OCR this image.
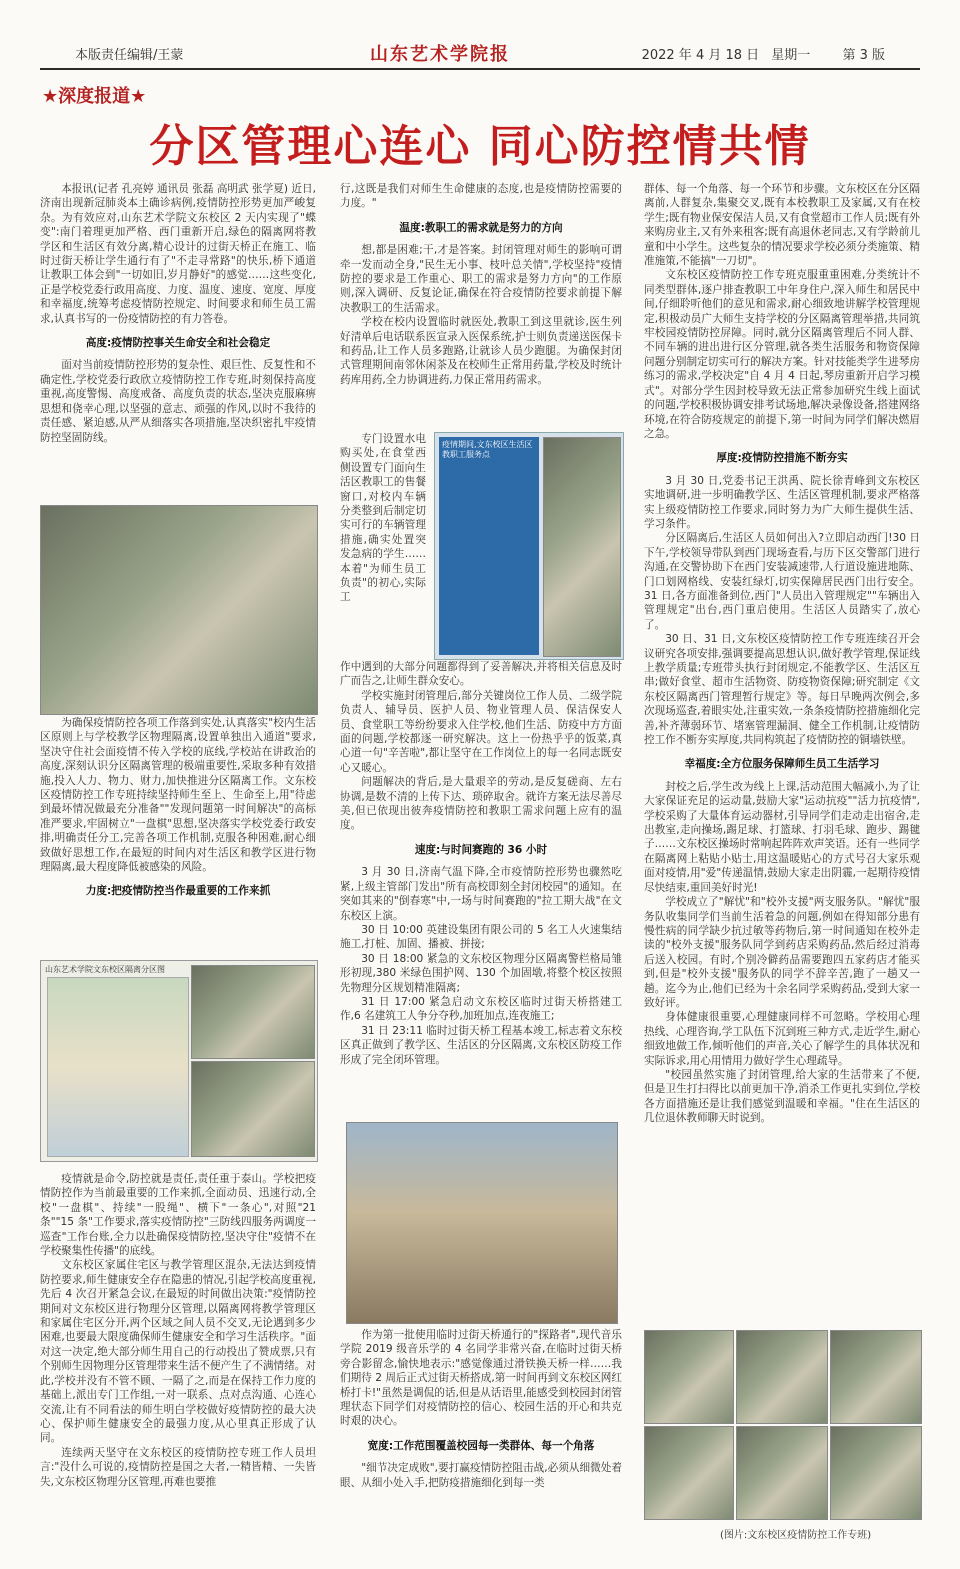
本版责任编辑/王蒙	山东艺术学院报	2022 年 4 月 18 日 星期一 第 3 版
★深度报道★
分区管理心连心 同心防控情共情

本报讯(记者 孔亮婷 通讯员 张磊 高明武 张学夏) 近日,济南出现新冠肺炎本土确诊病例,疫情防控形势更加严峻复杂。为有效应对,山东艺术学院文东校区 2 天内实现了"蝶变":南门着理更加严格、西门重新开启,绿色的隔离网将教学区和生活区有效分离,精心设计的过街天桥正在施工、临时过街天桥让学生通行有了"不走寻常路"的快乐,桥下通道让教职工体会到"一切如旧,岁月静好"的感觉……这些变化,正是学校党委行政用高度、力度、温度、速度、宽度、厚度和幸福度,统筹考虑疫情防控规定、时间要求和师生员工需求,认真书写的一份疫情防控的有力答卷。

高度:疫情防控事关生命安全和社会稳定

面对当前疫情防控形势的复杂性、艰巨性、反复性和不确定性,学校党委行政欣立疫情防控工作专班,时刻保持高度重视,高度警惕、高度戒备、高度负责的状态,坚决克服麻痹思想和侥幸心理,以坚强的意志、顽强的作风,以时不我待的责任感、紧迫感,从严从细落实各项措施,坚决织密扎牢疫情防控坚固防线。

为确保疫情防控各项工作落到实处,认真落实"校内生活区原则上与学校教学区物理隔离,设置单独出入通道"要求,坚决守住社会面疫情不传入学校的底线,学校站在讲政治的高度,深刻认识分区隔离管理的极端重要性,采取多种有效措施,投入人力、物力、财力,加快推进分区隔离工作。文东校区疫情防控工作专班持续坚持师生至上、生命至上,用"待虑到最坏情况做最充分准备""发现问题第一时间解决"的高标准严要求,牢固树立"一盘棋"思想,坚决落实学校党委行政安排,明确责任分工,完善各项工作机制,克服各种困难,耐心细致做好思想工作,在最短的时间内对生活区和教学区进行物理隔离,最大程度降低被感染的风险。

力度:把疫情防控当作最重要的工作来抓
山东艺术学院文东校区隔离分区图

疫情就是命令,防控就是责任,责任重于泰山。学校把疫情防控作为当前最重要的工作来抓,全面动员、迅速行动,全校"一盘棋"、持续"一股绳"、横下"一条心",对照"21 条""15 条"工作要求,落实疫情防控"三防线四服务两调度一巡查"工作台账,全力以赴确保疫情防控,坚决守住"疫情不在学校聚集性传播"的底线。

文东校区家属住宅区与教学管理区混杂,无法达到疫情防控要求,师生健康安全存在隐患的情况,引起学校高度重视,先后 4 次召开紧急会议,在最短的时间做出决策:"疫情防控期间对文东校区进行物理分区管理,以隔离网将教学管理区和家属住宅区分开,两个区域之间人员不交叉,无论遇到多少困难,也要最大限度确保师生健康安全和学习生活秩序。"面对这一决定,绝大部分师生用自己的行动投出了赞成票,只有个别师生因物理分区管理带来生活不便产生了不满情绪。对此,学校并没有不管不顾、一隔了之,而是在保持工作力度的基础上,派出专门工作组,一对一联系、点对点沟通、心连心交流,让有不同看法的师生明白学校做好疫情防控的最大决心、保护师生健康安全的最强力度,从心里真正形成了认同。

连续两天坚守在文东校区的疫情防控专班工作人员坦言:"没什么可说的,疫情防控是国之大者,一精皆精、一失皆失,文东校区物理分区管理,再难也要推

行,这既是我们对师生生命健康的态度,也是疫情防控需要的力度。"

温度:教职工的需求就是努力的方向

想,都是困难;干,才是答案。封闭管理对师生的影响可谓牵一发而动全身,"民生无小事、枝叶总关情",学校坚持"疫情防控的要求是工作重心、职工的需求是努力方向"的工作原则,深入调研、反复论证,确保在符合疫情防控要求前提下解决教职工的生活需求。

学校在校内设置临时就医处,教职工到这里就诊,医生列好清单后电话联系医宣录入医保系统,护士则负责递送医保卡和药品,让工作人员多跑路,让就诊人员少跑腿。为确保封闭式管理期间南邻休闲茶及在校师生正常用药量,学校及时统计药库用药,全力协调进药,力保正常用药需求。

专门设置水电购买处,在食堂西侧设置专门面向生活区教职工的售餐窗口,对校内车辆分类整到后制定切实可行的车辆管理措施,确实处置突发急病的学生……本着"为师生员工负责"的初心,实际工

疫情期间,文东校区生活区教职工服务点

作中遇到的大部分问题都得到了妥善解决,并将相关信息及时广而告之,让师生群众安心。

学校实施封闭管理后,部分关键岗位工作人员、二级学院负责人、辅导员、医护人员、物业管理人员、保洁保安人员、食堂职工等纷纷要求入住学校,他们生活、防疫中方方面面的问题,学校都逐一研究解决。这上一份热乎乎的饭菜,真心道一句"辛苦啦",都让坚守在工作岗位上的每一名同志既安心又暖心。

问题解决的背后,是大量艰辛的劳动,是反复磋商、左右协调,是数不清的上传下达、琐碎取舍。就许方案无法尽善尽美,但已依现出彼奔疫情防控和教职工需求问题上应有的温度。

速度:与时间赛跑的 36 小时

3 月 30 日,济南气温下降,全市疫情防控形势也骤然吃紧,上级主管部门发出"所有高校即刻全封闭校园"的通知。在突如其来的"倒春寒"中,一场与时间赛跑的"拉工期大战"在文东校区上演。

30 日 10:00 英建设集团有限公司的 5 名工人火速集结施工,打桩、加固、播被、拼接;

30 日 18:00 紧急的文东校区物理分区隔离警栏格局雏形初现,380 米绿色围护网、130 个加固墩,将整个校区按照先物理分区规划精准隔离;

31 日 17:00 紧急启动文东校区临时过街天桥搭建工作,6 名建筑工人争分夺秒,加班加点,连夜施工;

31 日 23:11 临时过街天桥工程基本竣工,标志着文东校区真正做到了教学区、生活区的分区隔离,文东校区防疫工作形成了完全闭环管理。

作为第一批使用临时过街天桥通行的"探路者",现代音乐学院 2019 级音乐学的 4 名同学非常兴奋,在临时过街天桥旁合影留念,愉快地表示:"感觉像通过滑铁换天桥一样……我们期待 2 周后正式过街天桥搭成,第一时间再到文东校区网红桥打卡!"虽然是调侃的话,但是从话语里,能感受到校园封闭管理状态下同学们对疫情防控的信心、校园生活的开心和共克时艰的决心。

宽度:工作范围覆盖校园每一类群体、每一个角落

"细节决定成败",要打赢疫情防控阻击战,必须从细微处着眼、从细小处入手,把防疫措施细化到每一类

群体、每一个角落、每一个环节和步骤。文东校区在分区隔离前,人群复杂,集聚交叉,既有本校教职工及家属,又有在校学生;既有物业保安保洁人员,又有食堂超市工作人员;既有外来购房业主,又有外来租客;既有高退休老同志,又有学龄前儿童和中小学生。这些复杂的情况要求学校必须分类施策、精准施策,不能搞"一刀切"。

文东校区疫情防控工作专班克服重重困难,分类统计不同类型群体,逐户排查教职工中年身住户,深入师生和居民中间,仔细聆听他们的意见和需求,耐心细致地讲解学校管理规定,积极动员广大师生支持学校的分区隔离管理举措,共同筑牢校园疫情防控屏障。同时,就分区隔离管理后不同人群、不同车辆的进出进行区分管理,就各类生活服务和物资保障问题分别制定切实可行的解决方案。针对技能类学生进琴房练习的需求,学校决定"自 4 月 4 日起,琴房重新开启学习模式"。对部分学生因封校导致无法正常参加研究生线上面试的问题,学校积极协调安排考试场地,解决录像设备,搭建网络环境,在符合防疫规定的前提下,第一时间为同学们解决燃眉之急。

厚度:疫情防控措施不断夯实

3 月 30 日,党委书记王洪禹、院长徐青峰到文东校区实地调研,进一步明确教学区、生活区管理机制,要求严格落实上级疫情防控工作要求,同时努力为广大师生提供生活、学习条件。

分区隔离后,生活区人员如何出入?立即启动西门!30 日下午,学校领导带队到西门现场查看,与历下区交警部门进行沟通,在交警协助下在西门安装减速带,人行道设施进地陈、门口划网格线、安装红绿灯,切实保障居民西门出行安全。31 日,各方面准备到位,西门"人员出入管理规定""车辆出入管理规定"出台,西门重启使用。生活区人员踏实了,放心了。

30 日、31 日,文东校区疫情防控工作专班连续召开会议研究各项安排,强调要提高思想认识,做好教学管理,保证线上教学质量;专班带头执行封闭规定,不能教学区、生活区互串;做好食堂、超市生活物资、防疫物资保障;研究制定《文东校区隔离西门管理暂行规定》等。每日早晚两次例会,多次现场巡查,着眼实处,注重实效,一条条疫情防控措施细化完善,补齐薄弱环节、堵塞管理漏洞、健全工作机制,让疫情防控工作不断夯实厚度,共同构筑起了疫情防控的铜墙铁壁。

幸福度:全方位服务保障师生员工生活学习

封校之后,学生改为线上上课,活动范围大幅减小,为了让大家保证充足的运动量,鼓励大家"运动抗疫""活力抗疫情",学校采购了大量体育运动器材,引导同学们走动走出宿舍,走出教室,走向操场,踢足球、打篮球、打羽毛球、跑步、踢毽子……文东校区操场时常响起阵阵欢声笑语。还有一些同学在隔离网上粘贴小贴士,用这温暖贴心的方式号召大家乐观面对疫情,用"爱"传递温情,鼓励大家走出阴霾,一起期待疫情尽快结束,重回美好时光!

学校成立了"解忧"和"校外支援"两支服务队。"解忧"服务队收集同学们当前生活着急的问题,例如在得知部分患有慢性病的同学缺少抗过敏等药物后,第一时间通知在校外走读的"校外支援"服务队同学到药店采购药品,然后经过消毒后送入校园。有时,个别冷僻药品需要跑四五家药店才能买到,但是"校外支援"服务队的同学不辞辛苦,跑了一趟又一趟。迄今为止,他们已经为十余名同学采购药品,受到大家一致好评。

身体健康很重要,心理健康同样不可忽略。学校用心理热线、心理咨询,学工队伍下沉到班三种方式,走近学生,耐心细致地做工作,倾听他们的声音,关心了解学生的具体状况和实际诉求,用心用情用力做好学生心理疏导。

"校园虽然实施了封闭管理,给大家的生活带来了不便,但是卫生打扫得比以前更加干净,消杀工作更扎实到位,学校各方面措施还是让我们感觉到温暖和幸福。"住在生活区的几位退休教师聊天时说到。

(图片:文东校区疫情防控工作专班)
